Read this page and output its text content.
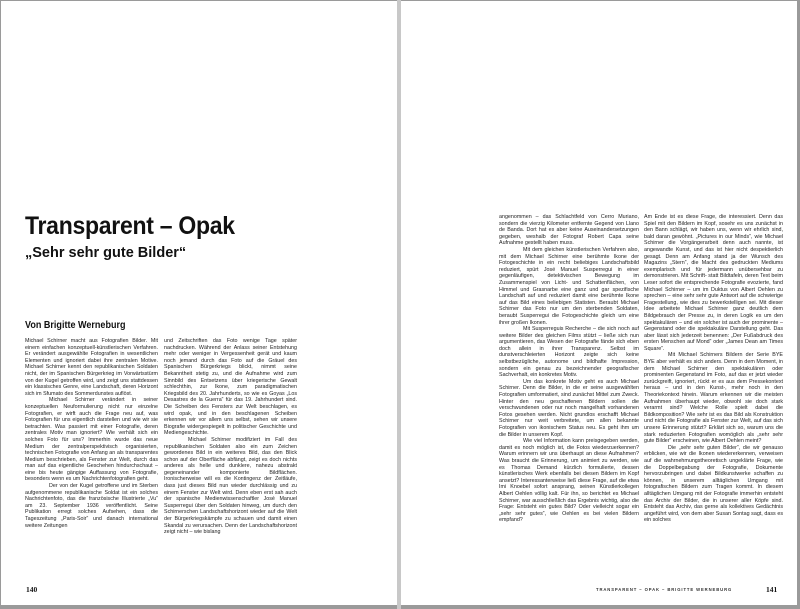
Transparent – Opak
„Sehr sehr gute Bilder“
Von Brigitte Werneburg

Michael Schirner macht aus Fotografien Bilder. Mit einem einfachen konzeptuell-künstlerischen Verfahren. Er verändert ausgewählte Fotografien in wesentlichen Elementen und ignoriert dabei ihre zentralen Motive. Michael Schirner kennt den republikanischen Soldaten nicht, der im Spanischen Bürgerkrieg im Vorwärtsstürm von der Kugel getroffen wird, und zeigt uns stattdessen ein klassisches Genre, eine Landschaft, deren Horizont sich im Sfumato des Sommerdunstes auflöst.

Michael Schirner verändert in seiner konzeptuellen Neuformulierung nicht nur einzelne Fotografien, er wirft auch die Frage neu auf, was Fotografien für uns eigentlich darstellen und wie wir sie betrachten. Was passiert mit einer Fotografie, deren zentrales Motiv man ignoriert? Wie verhält sich ein solches Foto für uns? Immerhin wurde das neue Medium der zentralperspektivisch organisierten, technischen Fotografie von Anfang an als transparentes Medium beschrieben, als Fenster zur Welt, durch das man auf das eigentliche Geschehen hindurchschaut – eine bis heute gängige Auffassung von Fotografie, besonders wenn es um Nachrichtenfotografien geht.

Der von der Kugel getroffene und im Sterben aufgenommene republikanische Soldat ist ein solches Nachrichtenfoto, das die französische Illustrierte „Vu“ am 23. September 1936 veröffentlicht. Seine Publikation erregt solches Aufsehen, dass die Tageszeitung „Paris-Soir“ und danach international weitere Zeitungen

und Zeitschriften das Foto wenige Tage später nachdrucken. Während der Anlass seiner Entstehung mehr oder weniger in Vergessenheit gerät und kaum noch jemand durch das Foto auf die Gräuel des Spanischen Bürgerkriegs blickt, nimmt seine Bekanntheit stetig zu, und die Aufnahme wird zum Sinnbild des Entsetzens über kriegerische Gewalt schlechthin, zur Ikone, zum paradigmatischen Kriegsbild des 20. Jahrhunderts, so wie es Goyas „Los Desastres de la Guerra“ für das 19. Jahrhundert sind. Die Scheiben des Fensters zur Welt beschlagen, es wird opak, und in den beschlagenen Scheiben erkennen wir vor allem uns selbst, sehen wir unsere Biografie widergespiegelt in politischer Geschichte und Mediengeschichte.

Michael Schirner modifiziert im Fall des republikanischen Soldaten also ein zum Zeichen gewordenes Bild in ein weiteres Bild, das den Blick schon auf der Oberfläche abfängt, zeigt es doch nichts anderes als helle und dunklere, nahezu abstrakt gegeneinander komponierte Bildflächen. Ironischerweise will es die Kontingenz der Zeitläufe, dass just dieses Bild nun wieder durchlässig und zu einem Fenster zur Welt wird. Denn eben erst sah auch der spanische Medienwissenschaftler José Manuel Susperregui über den Soldaten hinweg, um durch den Schirnerschen Landschaftshorizont wieder auf die Welt der Bürgerkriegskämpfe zu schauen und damit einen Skandal zu verursachen. Denn der Landschaftshorizont zeigt nicht – wie bislang

140

angenommen – das Schlachtfeld von Cerro Muriano, sondern die vierzig Kilometer entfernte Gegend von Llano de Banda. Dort hat es aber keine Auseinandersetzungen gegeben, weshalb der Fotograf Robert Capa seine Aufnahme gestellt haben muss.

Mit dem gleichen künstlerischen Verfahren also, mit dem Michael Schirner eine berühmte Ikone der Fotogeschichte in ein recht beliebiges Landschaftsbild reduziert, spürt José Manuel Susperregui in einer gegenläufigen, detektivischen Bewegung im Zusammenspiel von Licht- und Schattenflächen, von Himmel und Grasnarbe eine ganz und gar spezifische Landschaft auf und reduziert damit eine berühmte Ikone auf das Bild eines beliebigen Statisten. Beraubt Michael Schirner das Foto nur um den sterbenden Soldaten, beraubt Susperregui die Fotogeschichte gleich um eine ihrer großen Ikonen.

Mit Susperreguis Recherche – die sich noch auf weitere Bilder des gleichen Films stützt – ließe sich nun argumentieren, das Wesen der Fotografie fände sich eben doch allein in ihrer Transparenz. Selbst im dunstverschleierten Horizont zeigte sich keine selbstbezügliche, autonome und bildhafte Impression, sondern ein genau zu bezeichnender geografischer Sachverhalt, ein konkretes Motiv.

Um das konkrete Motiv geht es auch Michael Schirner. Denn die Bilder, in die er seine ausgewählten Fotografien umformatiert, sind zunächst Mittel zum Zweck. Hinter den neu geschaffenen Bildern sollen die verschwundenen oder nur noch mangelhaft vorhandenen Fotos gesehen werden. Nicht grundlos erschafft Michael Schirner nur weit verbreitete, um allen bekannte Fotografien von ikonischem Status neu. Es geht ihm um die Bilder in unserem Kopf.

Wie viel Information kann preisgegeben werden, damit es noch möglich ist, die Fotos wiederzuerkennen? Warum erinnern wir uns überhaupt an diese Aufnahmen? Was braucht die Erinnerung, um animiert zu werden, wie es Thomas Demand kürzlich formulierte, dessen künstlerisches Werk ebenfalls bei diesen Bildern im Kopf ansetzt? Interessanterweise ließ diese Frage, auf die etwa Imi Knoebel sofort ansprang, seinen Künstlerkollegen Albert Oehlen völlig kalt. Für ihn, so berichtet es Michael Schirner, war ausschließlich das Ergebnis wichtig, also die Frage: Entsteht ein gutes Bild? Oder vielleicht sogar ein „sehr sehr gutes“, wie Oehlen es bei vielen Bildern empfand?

Am Ende ist es diese Frage, die interessiert. Denn das Spiel mit den Bildern im Kopf, sosehr es uns zunächst in den Bann schlägt, wir haben uns, wenn wir ehrlich sind, bald daran gewöhnt. „Pictures in our Minds“, wie Michael Schirner die Vorgängerarbeit denn auch nannte, ist angewandte Kunst, und das ist hier nicht despektierlich gesagt. Denn am Anfang stand ja der Wunsch des Magazins „Stern“, die Macht des gedruckten Mediums exemplarisch und für jedermann unübersehbar zu demonstrieren. Mit Schrift- statt Bildtafeln, deren Text beim Leser sofort die entsprechende Fotografie evozierte, fand Michael Schirner – um im Duktus von Albert Oehlen zu sprechen – eine sehr sehr gute Antwort auf die schwierige Fragestellung, wie dies zu bewerkstelligen sei. Mit dieser Idee arbeitete Michael Schirner ganz deutlich dem Bildgebrauch der Presse zu, in deren Logik es um den spektakulären – und ein solcher ist auch der prominente – Gegenstand oder die spektakuläre Darstellung geht. Das aber lässt sich jederzeit benennen: „Der Fußabdruck des ersten Menschen auf Mond“ oder „James Dean am Times Square“.

Mit Michael Schirners Bildern der Serie BYE BYE aber verhält es sich anders. Denn in dem Moment, in dem Michael Schirner den spektakulären oder prominenten Gegenstand im Foto, auf das er jetzt wieder zurückgreift, ignoriert, rückt er es aus dem Pressekontext heraus – und in den Kunst-, mehr noch in den Theoriekontext hinein. Warum erkennen wir die meisten Aufnahmen überhaupt wieder, obwohl sie doch stark verarmt sind? Welche Rolle spielt dabei die Bildkomposition? Wie sehr ist es das Bild als Konstruktion und nicht die Fotografie als Fenster zur Welt, auf das sich unsere Erinnerung stützt? Erklärt sich so, warum uns die stark reduzierten Fotografien womöglich als „sehr sehr gute Bilder“ erscheinen, wie Albert Oehlen meint?

Die „sehr sehr guten Bilder“, die wir genauso erblicken, wie wir die Ikonen wiedererkennen, verweisen auf die wahrnehmungstheoretisch ungeklärte Frage, wie die Doppelbegabung der Fotografie, Dokumente hervorzubringen und dabei Bildkunstwerke schaffen zu können, in unserem alltäglichen Umgang mit fotografischen Bildern zum Tragen kommt. In diesem alltäglichen Umgang mit der Fotografie immerhin entsteht das Archiv der Bilder, die in unserer aller Köpfe sind. Entsteht das Archiv, das gerne als kollektives Gedächtnis angeführt wird, von dem aber Susan Sontag sagt, dass es ein solches

TRANSPARENT – OPAK – BRIGITTE WERNEBURG	141
